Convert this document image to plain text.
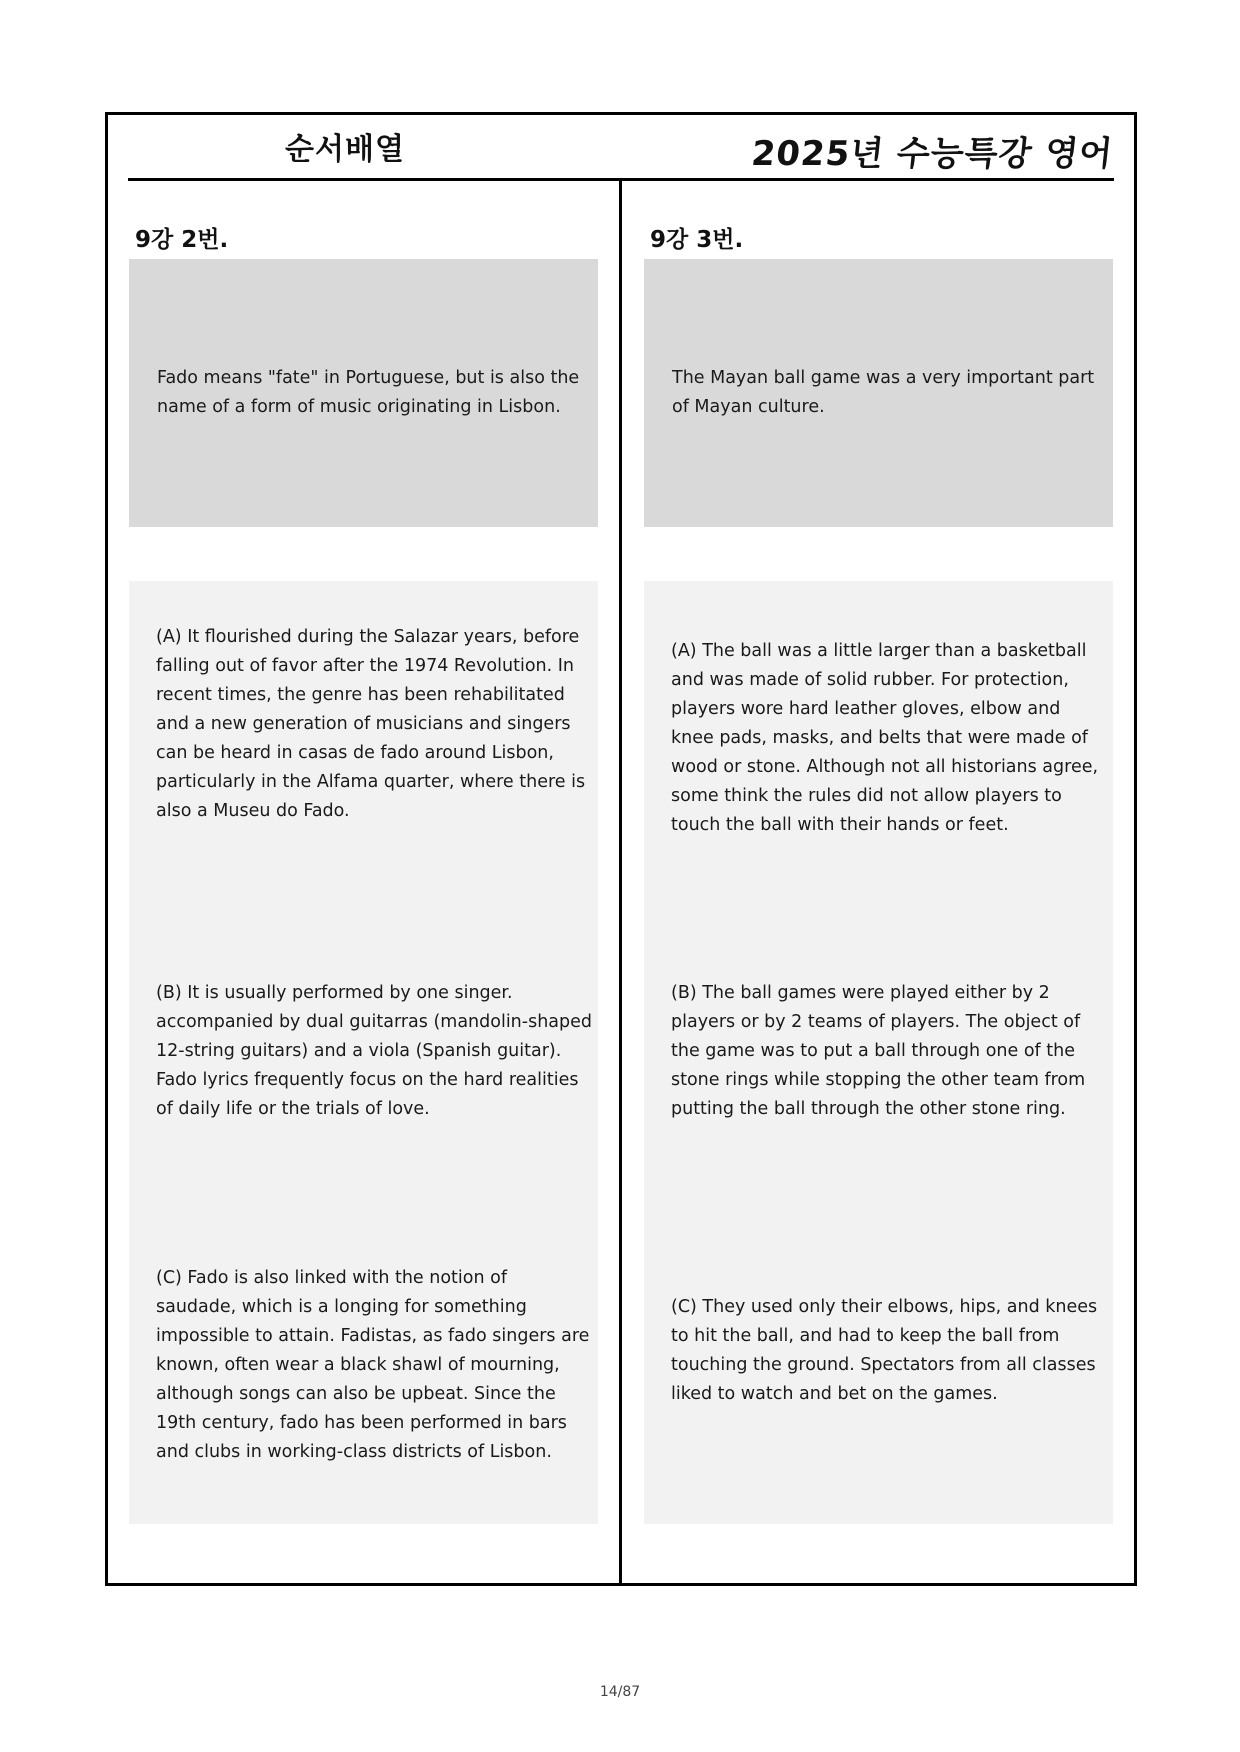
순서배열	2025년 수능특강 영어
9강 2번.
Fado means "fate" in Portuguese, but is also the
name of a form of music originating in Lisbon.
(A) It flourished during the Salazar years, before
falling out of favor after the 1974 Revolution. In
recent times, the genre has been rehabilitated
and a new generation of musicians and singers
can be heard in casas de fado around Lisbon,
particularly in the Alfama quarter, where there is
also a Museu do Fado.
(B) It is usually performed by one singer.
accompanied by dual guitarras (mandolin-shaped
12-string guitars) and a viola (Spanish guitar).
Fado lyrics frequently focus on the hard realities
of daily life or the trials of love.
(C) Fado is also linked with the notion of
saudade, which is a longing for something
impossible to attain. Fadistas, as fado singers are
known, often wear a black shawl of mourning,
although songs can also be upbeat. Since the
19th century, fado has been performed in bars
and clubs in working-class districts of Lisbon.
9강 3번.
The Mayan ball game was a very important part
of Mayan culture.
(A) The ball was a little larger than a basketball
and was made of solid rubber. For protection,
players wore hard leather gloves, elbow and
knee pads, masks, and belts that were made of
wood or stone. Although not all historians agree,
some think the rules did not allow players to
touch the ball with their hands or feet.
(B) The ball games were played either by 2
players or by 2 teams of players. The object of
the game was to put a ball through one of the
stone rings while stopping the other team from
putting the ball through the other stone ring.
(C) They used only their elbows, hips, and knees
to hit the ball, and had to keep the ball from
touching the ground. Spectators from all classes
liked to watch and bet on the games.
14/87
